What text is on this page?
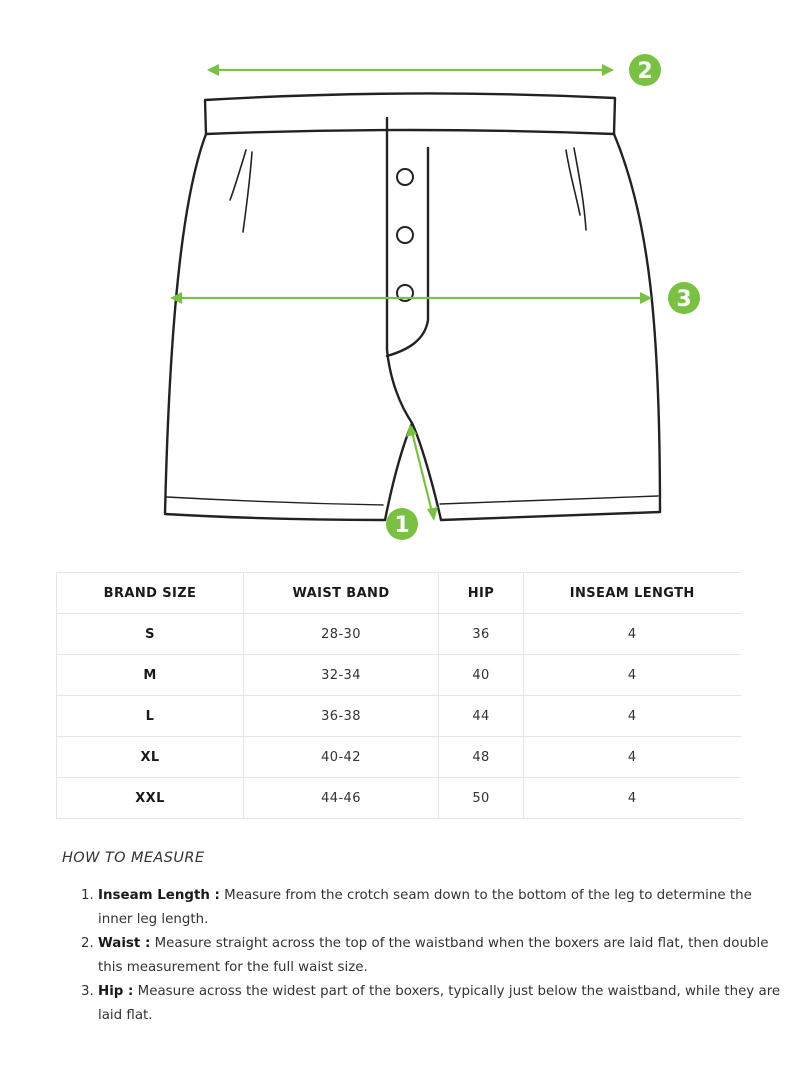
2
3
1
BRAND SIZE	WAIST BAND	HIP	INSEAM LENGTH
S	28-30	36	4
M	32-34	40	4
L	36-38	44	4
XL	40-42	48	4
XXL	44-46	50	4
HOW TO MEASURE
1. Inseam Length : Measure from the crotch seam down to the bottom of the leg to determine the inner leg length.
2. Waist : Measure straight across the top of the waistband when the boxers are laid flat, then double this measurement for the full waist size.
3. Hip : Measure across the widest part of the boxers, typically just below the waistband, while they are laid flat.
